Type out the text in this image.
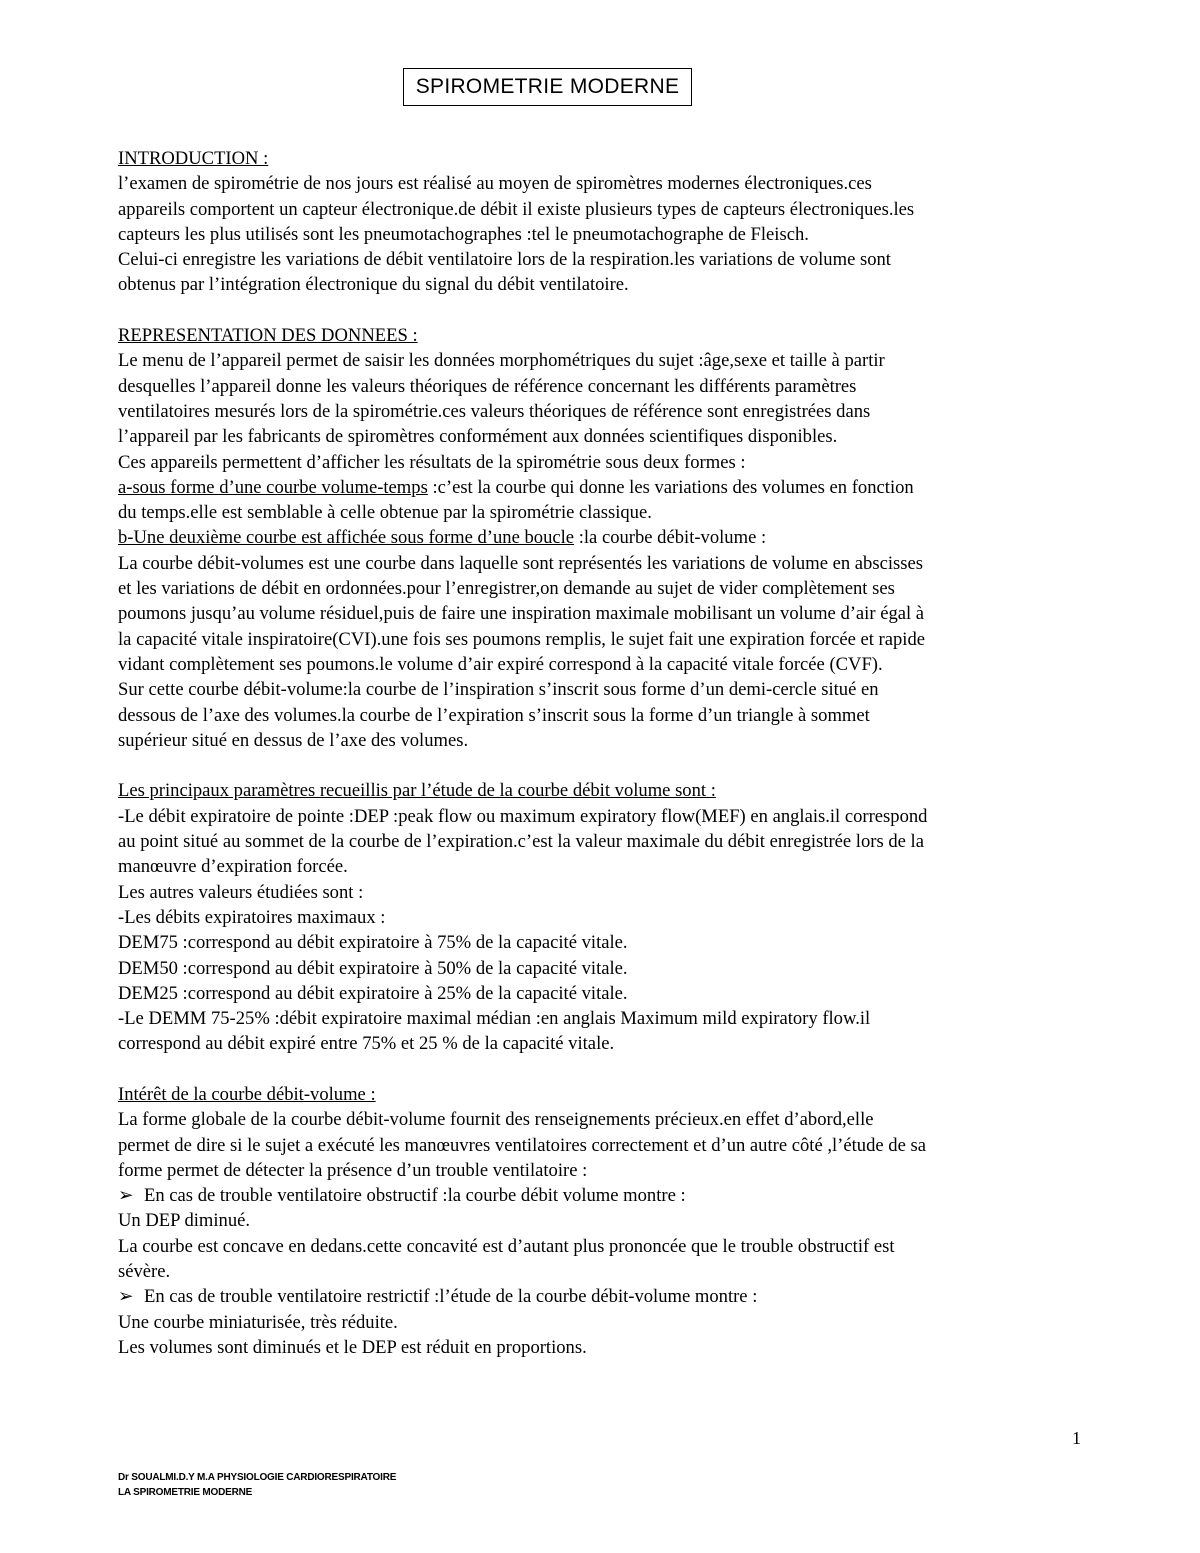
SPIROMETRIE MODERNE
INTRODUCTION :
l’examen de spirométrie de nos jours est réalisé au moyen de spiromètres modernes électroniques.ces
appareils comportent un capteur électronique.de débit il existe plusieurs types de capteurs électroniques.les
capteurs les plus utilisés sont les pneumotachographes :tel le pneumotachographe de Fleisch.
Celui-ci enregistre les variations de débit ventilatoire lors de la respiration.les variations de volume sont
obtenus par l’intégration électronique du signal du débit ventilatoire.
REPRESENTATION DES DONNEES :
Le menu de l’appareil permet de saisir les données morphométriques du sujet :âge,sexe et taille à partir
desquelles l’appareil donne les valeurs théoriques de référence concernant les différents paramètres
ventilatoires mesurés lors de la spirométrie.ces valeurs théoriques de référence sont enregistrées dans
l’appareil par les fabricants de spiromètres conformément aux données scientifiques disponibles.
Ces appareils permettent d’afficher les résultats de la spirométrie sous deux formes :
a-sous forme d’une courbe volume-temps :c’est la courbe qui donne les variations des volumes en fonction
du temps.elle est semblable à celle obtenue par la spirométrie classique.
b-Une deuxième courbe est affichée sous forme d’une boucle :la courbe débit-volume :
La courbe débit-volumes est une courbe dans laquelle sont représentés les variations de volume en abscisses
et les variations de débit en ordonnées.pour l’enregistrer,on demande au sujet de vider complètement ses
poumons jusqu’au volume résiduel,puis de faire une inspiration maximale mobilisant un volume d’air égal à
la capacité vitale inspiratoire(CVI).une fois ses poumons remplis, le sujet fait une expiration forcée et rapide
vidant complètement ses poumons.le volume d’air expiré correspond à la capacité vitale forcée (CVF).
Sur cette courbe débit-volume:la courbe de l’inspiration s’inscrit sous forme d’un demi-cercle situé en
dessous de l’axe des volumes.la courbe de l’expiration s’inscrit sous la forme d’un triangle à sommet
supérieur situé en dessus de l’axe des volumes.
Les principaux paramètres recueillis par l’étude de la courbe débit volume sont :
-Le débit expiratoire de pointe :DEP :peak flow ou maximum expiratory flow(MEF) en anglais.il correspond
au point situé au sommet de la courbe de l’expiration.c’est la valeur maximale du débit enregistrée lors de la
manœuvre d’expiration forcée.
Les autres valeurs étudiées sont :
-Les débits expiratoires maximaux :
DEM75 :correspond au débit expiratoire à 75% de la capacité vitale.
DEM50 :correspond au débit expiratoire à 50% de la capacité vitale.
DEM25 :correspond au débit expiratoire à 25% de la capacité vitale.
-Le DEMM 75-25% :débit expiratoire maximal médian :en anglais Maximum mild expiratory flow.il
correspond au débit expiré entre 75% et 25 % de la capacité vitale.
Intérêt de la courbe débit-volume :
La forme globale de la courbe débit-volume fournit des renseignements précieux.en effet d’abord,elle
permet de dire si le sujet a exécuté les manœuvres ventilatoires correctement et d’un autre côté ,l’étude de sa
forme permet de détecter la présence d’un trouble ventilatoire :
➢ En cas de trouble ventilatoire obstructif :la courbe débit volume montre :
Un DEP diminué.
La courbe est concave en dedans.cette concavité est d’autant plus prononcée que le trouble obstructif est
sévère.
➢ En cas de trouble ventilatoire restrictif :l’étude de la courbe débit-volume montre :
Une courbe miniaturisée, très réduite.
Les volumes sont diminués et le DEP est réduit en proportions.
1
Dr SOUALMI.D.Y M.A PHYSIOLOGIE CARDIORESPIRATOIRE
LA SPIROMETRIE MODERNE
